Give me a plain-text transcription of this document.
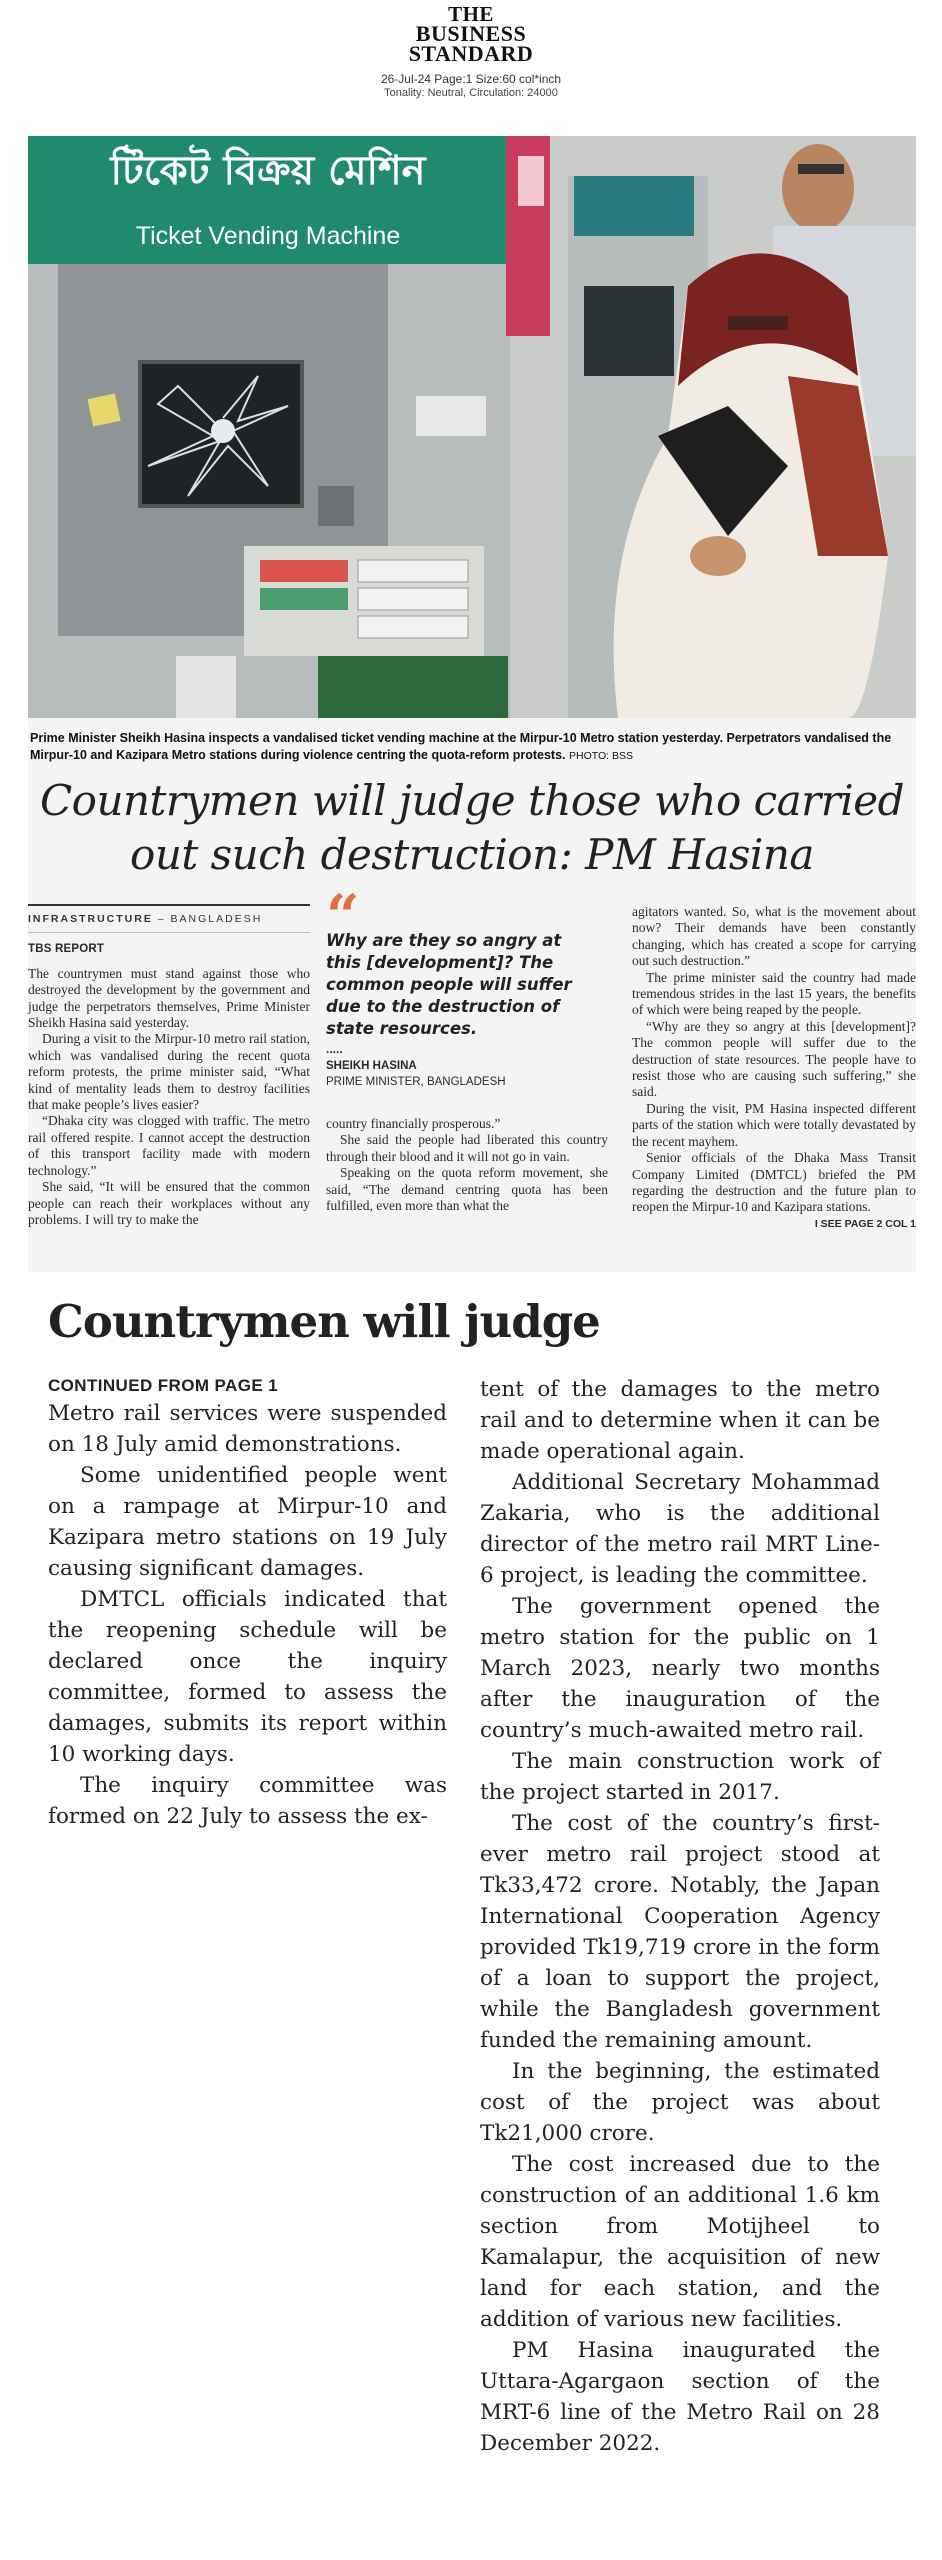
THE
BUSINESS
STANDARD
26-Jul-24 Page:1 Size:60 col*inch
Tonality: Neutral, Circulation: 24000
টিকেট বিক্রয় মেশিন
Ticket Vending Machine
Prime Minister Sheikh Hasina inspects a vandalised ticket vending machine at the Mirpur-10 Metro station yesterday. Perpetrators vandalised the Mirpur-10 and Kazipara Metro stations during violence centring the quota-reform protests. PHOTO: BSS
Countrymen will judge those who carried out such destruction: PM Hasina
INFRASTRUCTURE – BANGLADESH
TBS REPORT

The countrymen must stand against those who destroyed the development by the government and judge the perpetrators themselves, Prime Minister Sheikh Hasina said yesterday.

During a visit to the Mirpur-10 metro rail station, which was vandalised during the recent quota reform protests, the prime minister said, “What kind of mentality leads them to destroy facilities that make people’s lives easier?

“Dhaka city was clogged with traffic. The metro rail offered respite. I cannot accept the destruction of this transport facility made with modern technology.”

She said, “It will be ensured that the common people can reach their workplaces without any problems. I will try to make the

“
Why are they so angry at this [development]? The common people will suffer due to the destruction of state resources.
.....
SHEIKH HASINA
PRIME MINISTER, BANGLADESH

country financially prosperous.”

She said the people had liberated this country through their blood and it will not go in vain.

Speaking on the quota reform movement, she said, “The demand centring quota has been fulfilled, even more than what the

agitators wanted. So, what is the movement about now? Their demands have been constantly changing, which has created a scope for carrying out such destruction.”

The prime minister said the country had made tremendous strides in the last 15 years, the benefits of which were being reaped by the people.

“Why are they so angry at this [development]? The common people will suffer due to the destruction of state resources. The people have to resist those who are causing such suffering,” she said.

During the visit, PM Hasina inspected different parts of the station which were totally devastated by the recent mayhem.

Senior officials of the Dhaka Mass Transit Company Limited (DMTCL) briefed the PM regarding the destruction and the future plan to reopen the Mirpur-10 and Kazipara stations.

I SEE PAGE 2 COL 1
Countrymen will judge
CONTINUED FROM PAGE 1

Metro rail services were suspended on 18 July amid demonstrations.

Some unidentified people went on a rampage at Mirpur-10 and Kazipara metro stations on 19 July causing significant damages.

DMTCL officials indicated that the reopening schedule will be declared once the inquiry committee, formed to assess the damages, submits its report within 10 working days.

The inquiry committee was formed on 22 July to assess the ex-

tent of the damages to the metro rail and to determine when it can be made operational again.

Additional Secretary Mohammad Zakaria, who is the additional director of the metro rail MRT Line-6 project, is leading the committee.

The government opened the metro station for the public on 1 March 2023, nearly two months after the inauguration of the country’s much-awaited metro rail.

The main construction work of the project started in 2017.

The cost of the country’s first-ever metro rail project stood at Tk33,472 crore. Notably, the Japan International Cooperation Agency provided Tk19,719 crore in the form of a loan to support the project, while the Bangladesh government funded the remaining amount.

In the beginning, the estimated cost of the project was about Tk21,000 crore.

The cost increased due to the construction of an additional 1.6 km section from Motijheel to Kamalapur, the acquisition of new land for each station, and the addition of various new facilities.

PM Hasina inaugurated the Uttara-Agargaon section of the MRT-6 line of the Metro Rail on 28 December 2022.
